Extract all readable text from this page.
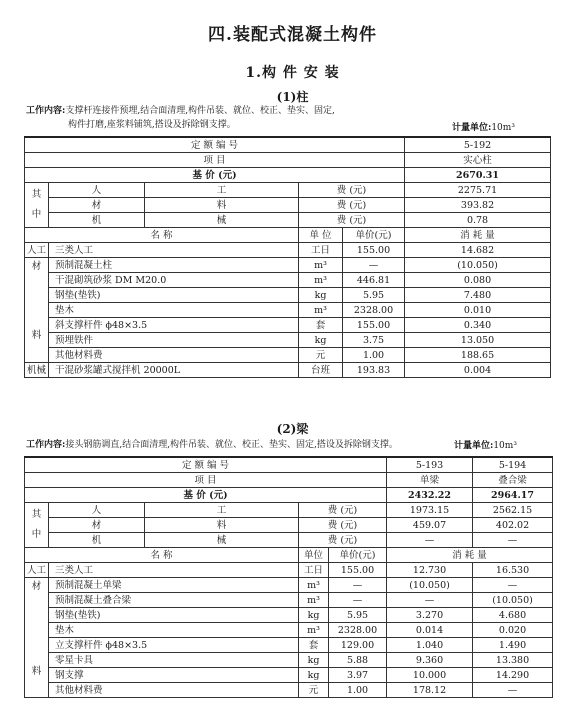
四.装配式混凝土构件
1.构 件 安 装
(1)柱
工作内容:支撑杆连接件预埋,结合面清理,构件吊装、就位、校正、垫实、固定,
构件打磨,座浆料铺筑,搭设及拆除钢支撑。	计量单位:10m³
定 额 编 号					5-192
项 目					实心柱
基 价 (元)					2670.31
其 中	人	工	费 (元)		2275.71
	材	料	费 (元)		393.82
	机	械	费 (元)		0.78
名 称			单 位	单价(元)	消 耗 量
人工	三类人工		工日	155.00	14.682

材
料	预制混凝土柱		m³	—	(10.050)
	干混砌筑砂浆 DM M20.0		m³	446.81	0.080
	钢垫(垫铁)		kg	5.95	7.480
	垫木		m³	2328.00	0.010
	斜支撑杆件 ϕ48×3.5		套	155.00	0.340
	预埋铁件		kg	3.75	13.050
	其他材料费		元	1.00	188.65
机械	干混砂浆罐式搅拌机 20000L		台班	193.83	0.004
(2)梁
工作内容:接头钢筋调直,结合面清理,构件吊装、就位、校正、垫实、固定,搭设及拆除钢支撑。	计量单位:10m³
定 额 编 号					5-193	5-194
项 目					单梁	叠合梁
基 价 (元)					2432.22	2964.17
其 中	人	工	费 (元)		1973.15	2562.15
	材	料	费 (元)		459.07	402.02
	机	械	费 (元)		—	—
名 称			单位	单价(元)	消 耗 量	
人工	三类人工		工日	155.00	12.730	16.530

材
料	预制混凝土单梁		m³	—	(10.050)	—
	预制混凝土叠合梁		m³	—	—	(10.050)
	钢垫(垫铁)		kg	5.95	3.270	4.680
	垫木		m³	2328.00	0.014	0.020
	立支撑杆件 ϕ48×3.5		套	129.00	1.040	1.490
	零星卡具		kg	5.88	9.360	13.380
	钢支撑		kg	3.97	10.000	14.290
	其他材料费		元	1.00	178.12	—
